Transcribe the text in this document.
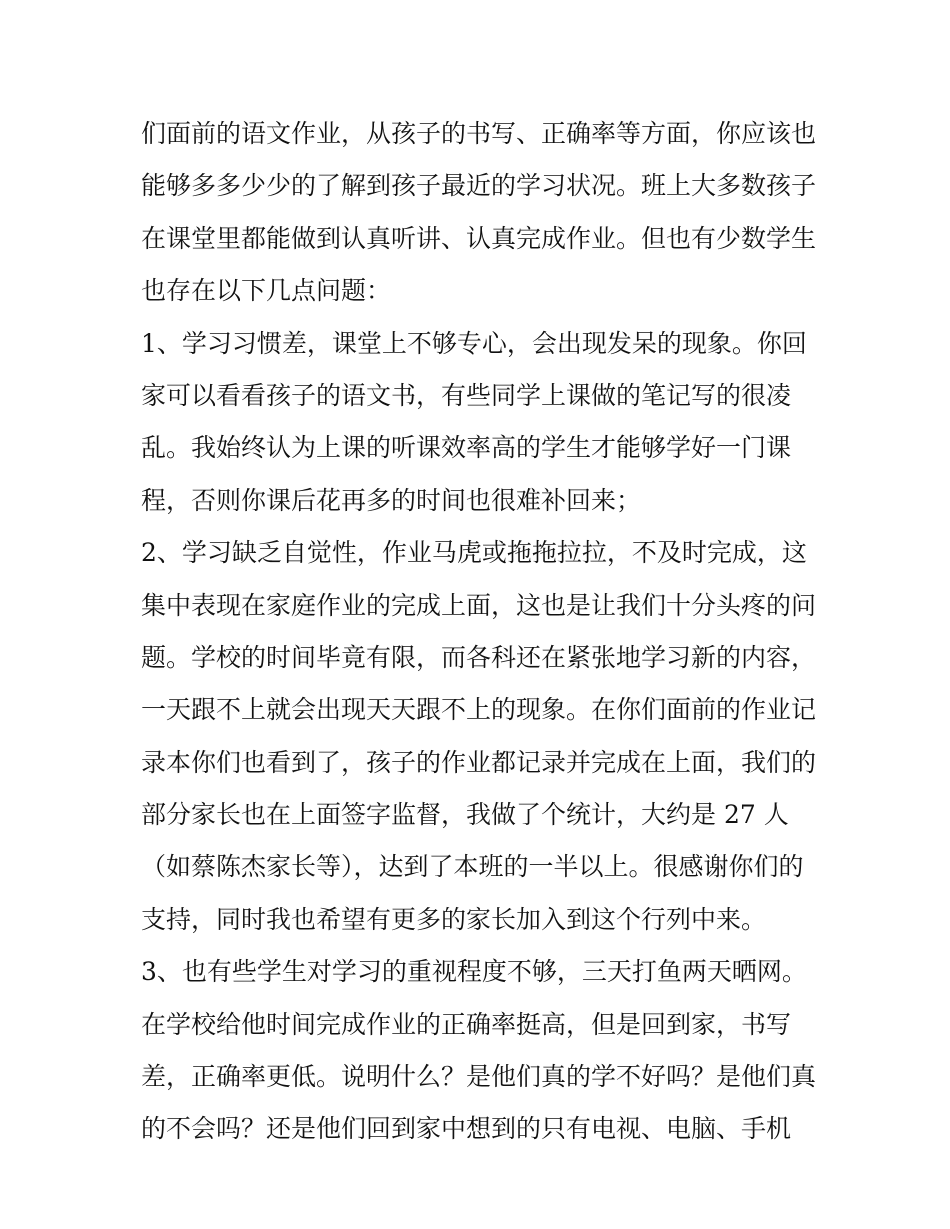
们面前的语文作业，从孩子的书写、正确率等方面，你应该也

能够多多少少的了解到孩子最近的学习状况。班上大多数孩子

在课堂里都能做到认真听讲、认真完成作业。但也有少数学生

也存在以下几点问题：

1、学习习惯差，课堂上不够专心，会出现发呆的现象。你回

家可以看看孩子的语文书，有些同学上课做的笔记写的很凌

乱。我始终认为上课的听课效率高的学生才能够学好一门课

程，否则你课后花再多的时间也很难补回来；

2、学习缺乏自觉性，作业马虎或拖拖拉拉，不及时完成，这

集中表现在家庭作业的完成上面，这也是让我们十分头疼的问

题。学校的时间毕竟有限，而各科还在紧张地学习新的内容，

一天跟不上就会出现天天跟不上的现象。在你们面前的作业记

录本你们也看到了，孩子的作业都记录并完成在上面，我们的

部分家长也在上面签字监督，我做了个统计，大约是 27 人

（如蔡陈杰家长等），达到了本班的一半以上。很感谢你们的

支持，同时我也希望有更多的家长加入到这个行列中来。

3、也有些学生对学习的重视程度不够，三天打鱼两天晒网。

在学校给他时间完成作业的正确率挺高，但是回到家，书写

差，正确率更低。说明什么？是他们真的学不好吗？是他们真

的不会吗？还是他们回到家中想到的只有电视、电脑、手机
